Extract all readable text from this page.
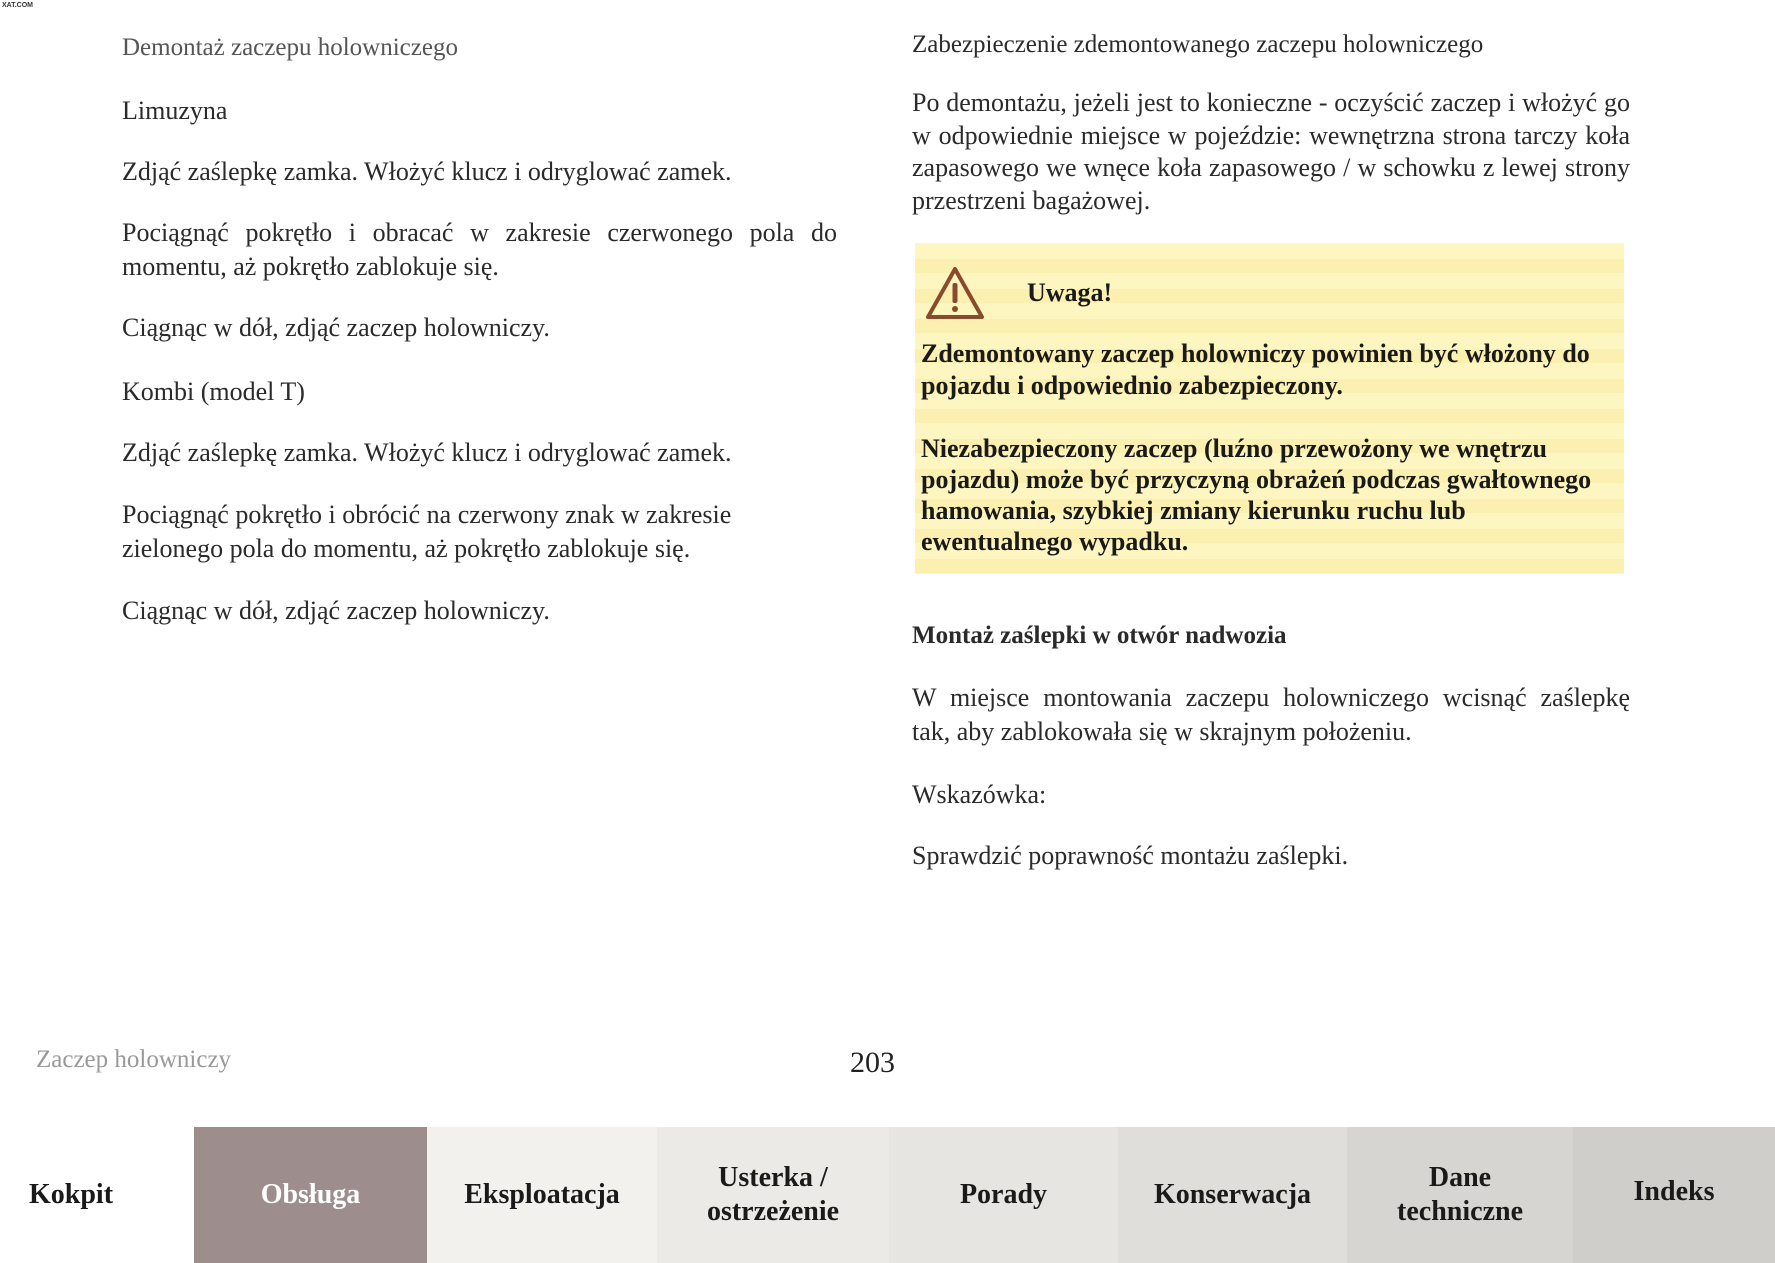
XAT.COM

Demontaż zaczepu holowniczego

Limuzyna

Zdjąć zaślepkę zamka. Włożyć klucz i odryglować zamek.

Pociągnąć pokrętło i obracać w zakresie czerwonego pola do momentu, aż pokrętło zablokuje się.

Ciągnąc w dół, zdjąć zaczep holowniczy.

Kombi (model T)

Zdjąć zaślepkę zamka. Włożyć klucz i odryglować zamek.

Pociągnąć pokrętło i obrócić na czerwony znak w zakresie zielonego pola do momentu, aż pokrętło zablokuje się.

Ciągnąc w dół, zdjąć zaczep holowniczy.

Zabezpieczenie zdemontowanego zaczepu holowniczego

Po demontażu, jeżeli jest to konieczne - oczyścić zaczep i włożyć go w odpowiednie miejsce w pojeździe: wewnętrzna strona tarczy koła zapasowego we wnęce koła zapasowego / w schowku z lewej strony przestrzeni bagażowej.

Uwaga!
Zdemontowany zaczep holowniczy powinien być włożony do pojazdu i odpowiednio zabezpieczony.
Niezabezpieczony zaczep (luźno przewożony we wnętrzu pojazdu) może być przyczyną obrażeń podczas gwałtownego hamowania, szybkiej zmiany kierunku ruchu lub ewentualnego wypadku.

Montaż zaślepki w otwór nadwozia

W miejsce montowania zaczepu holowniczego wcisnąć zaślepkę tak, aby zablokowała się w skrajnym położeniu.

Wskazówka:

Sprawdzić poprawność montażu zaślepki.

Zaczep holowniczy	203
Kokpit	Obsługa	Eksploatacja
Usterka / ostrzeżenie
Porady	Konserwacja
Dane techniczne
Indeks
